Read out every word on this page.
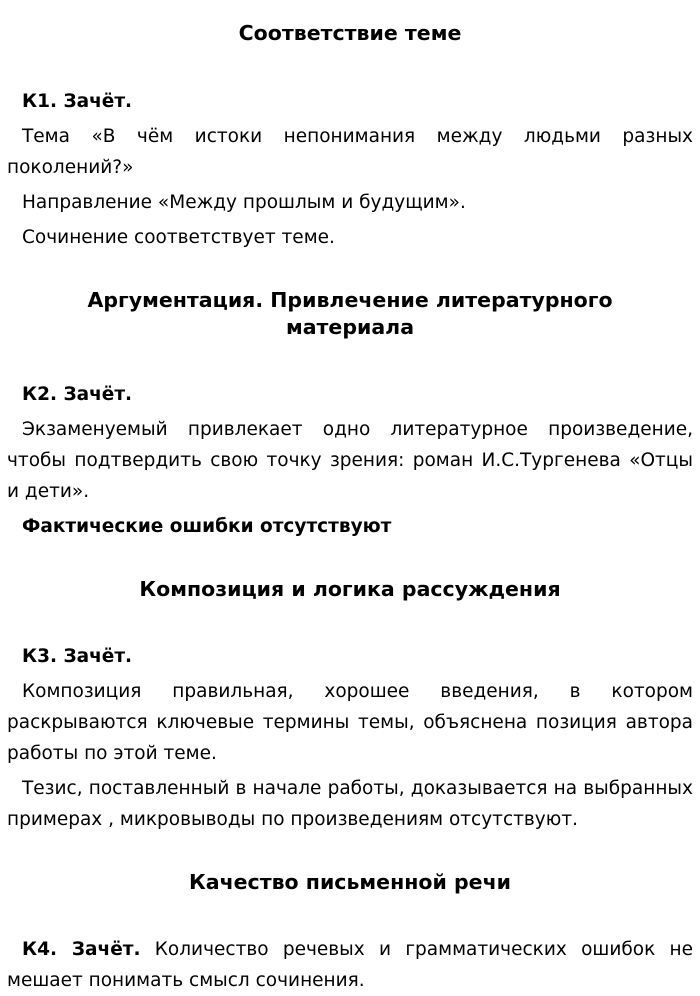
Соответствие теме

К1. Зачёт.

Тема «В чём истоки непонимания между людьми разных поколений?»

Направление «Между прошлым и будущим».

Сочинение соответствует теме.

Аргументация. Привлечение литературного материала

К2. Зачёт.

Экзаменуемый привлекает одно литературное произведение, чтобы подтвердить свою точку зрения: роман И.С.Тургенева «Отцы и дети».

Фактические ошибки отсутствуют

Композиция и логика рассуждения

К3. Зачёт.

Композиция правильная, хорошее введения, в котором раскрываются ключевые термины темы, объяснена позиция автора работы по этой теме.

Тезис, поставленный в начале работы, доказывается на выбранных примерах , микровыводы по произведениям отсутствуют.

Качество письменной речи

К4. Зачёт. Количество речевых и грамматических ошибок не мешает понимать смысл сочинения.
